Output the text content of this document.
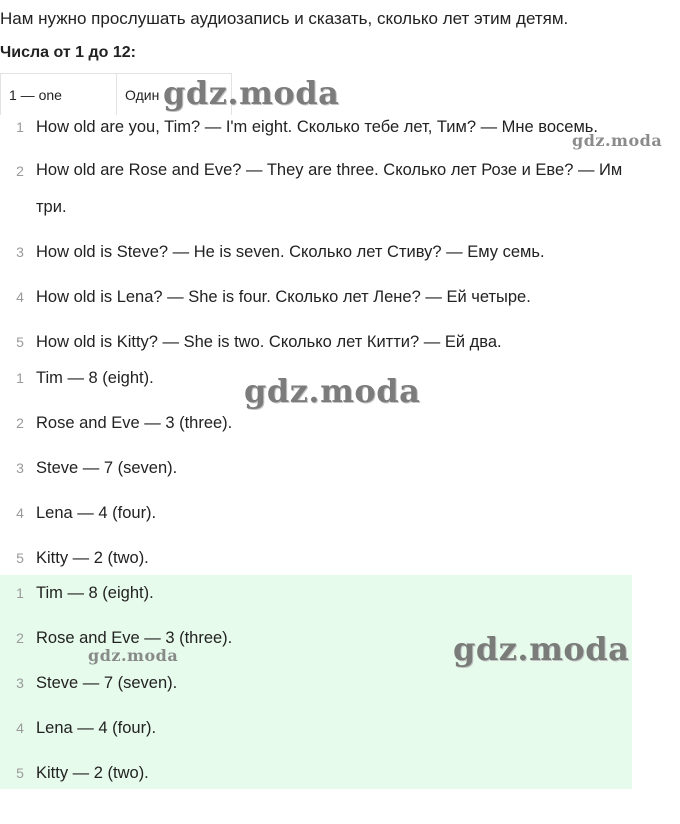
Нам нужно прослушать аудиозапись и сказать, сколько лет этим детям.
Числа от 1 до 12:
1 — one	Один
1 How old are you, Tim? — I'm eight. Сколько тебе лет, Тим? — Мне восемь.
2 How old are Rose and Eve? — They are three. Сколько лет Розе и Еве? — Им три.
3 How old is Steve? — He is seven. Сколько лет Стиву? — Ему семь.
4 How old is Lena? — She is four. Сколько лет Лене? — Ей четыре.
5 How old is Kitty? — She is two. Сколько лет Китти? — Ей два.
1 Tim — 8 (eight).
2 Rose and Eve — 3 (three).
3 Steve — 7 (seven).
4 Lena — 4 (four).
5 Kitty — 2 (two).
1 Tim — 8 (eight).
2 Rose and Eve — 3 (three).
3 Steve — 7 (seven).
4 Lena — 4 (four).
5 Kitty — 2 (two).
gdz.moda
gdz.moda
gdz.moda
gdz.moda
gdz.moda
